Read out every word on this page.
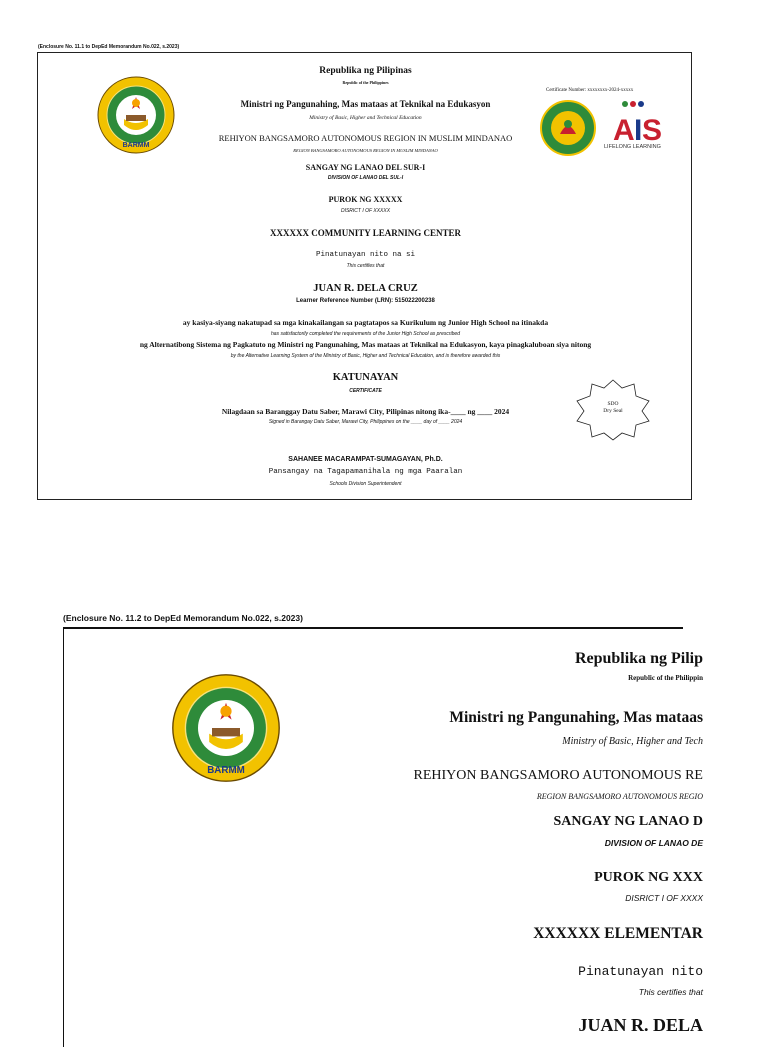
(Enclosure No. 11.1 to DepEd Memorandum No.022, s.2023)
BARMM
Republika ng Pilipinas
Republic of the Philippines
Ministri ng Pangunahing, Mas mataas at Teknikal na Edukasyon
Ministry of Basic, Higher and Technical Education
REHIYON BANGSAMORO AUTONOMOUS REGION IN MUSLIM MINDANAO
REGION BANGSAMORO AUTONOMOUS REGION IN MUSLIM MINDANAO
SANGAY NG LANAO DEL SUR-I
DIVISION OF LANAO DEL SUL-I
PUROK NG XXXXX
DISRICT I OF XXXXX
XXXXXX COMMUNITY LEARNING CENTER
Pinatunayan nito na si
This certifies that
JUAN R. DELA CRUZ
Learner Reference Number (LRN): 515022200238
ay kasiya-siyang nakatupad sa mga kinakailangan sa pagtatapos sa Kurikulum ng Junior High School na itinakda
has satisfactorily completed the requirements of the Junior High School as prescribed
ng Alternatibong Sistema ng Pagkatuto ng Ministri ng Pangunahing, Mas mataas at Teknikal na Edukasyon, kaya pinagkaluboan siya nitong
by the Alternative Learning System of the Ministry of Basic, Higher and Technical Education, and is therefore awarded this
KATUNAYAN
CERTIFICATE
Nilagdaan sa Baranggay Datu Saber, Marawi City, Pilipinas nitong ika-____ ng ____ 2024
Signed in Barangay Datu Saber, Marawi City, Philippines on the ____ day of ____ 2024
SAHANEE MACARAMPAT-SUMAGAYAN, Ph.D.
Pansangay na Tagapamanihala ng mga Paaralan
Schools Division Superintendent
Certificate Number: xxxxxxxx-2024-xxxxx
A I S
LIFELONG LEARNING
SDO
Dry Seal
(Enclosure No. 11.2 to DepEd Memorandum No.022, s.2023)
BARMM
Republika ng Pilip
Republic of the Philippin
Ministri ng Pangunahing, Mas mataas
Ministry of Basic, Higher and Tech
REHIYON BANGSAMORO AUTONOMOUS RE
REGION BANGSAMORO AUTONOMOUS REGIO
SANGAY NG LANAO D
DIVISION OF LANAO DE
PUROK NG XXX
DISRICT I OF XXXX
XXXXXX ELEMENTAR
Pinatunayan nito
This certifies that
JUAN R. DELA
